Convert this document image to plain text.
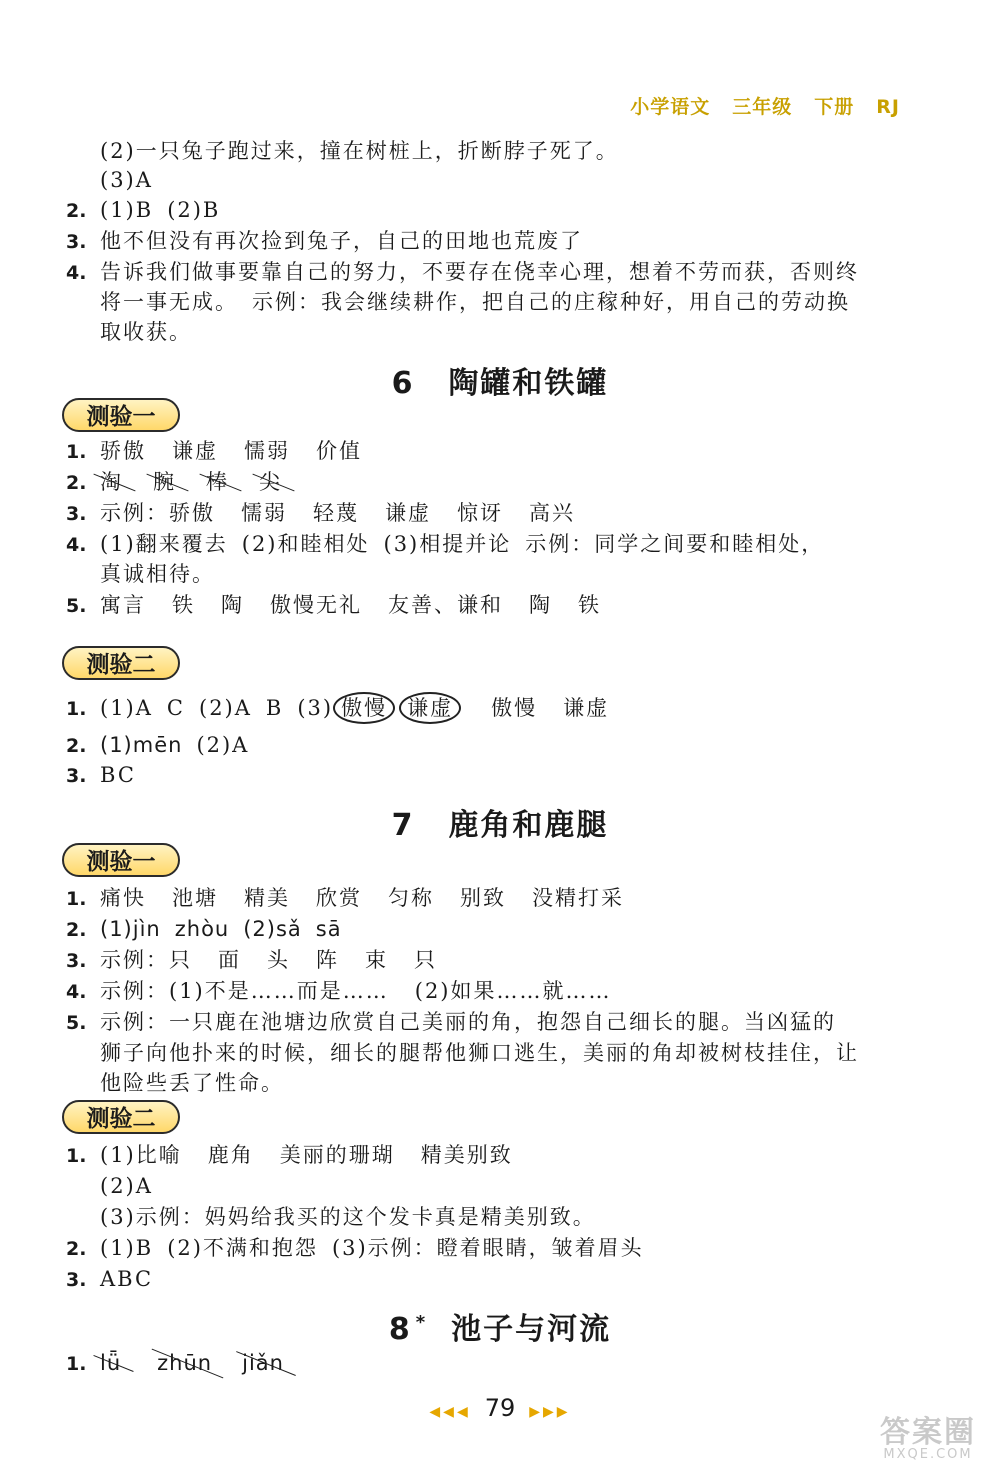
小学语文 三年级 下册 RJ
(2)一只兔子跑过来，撞在树桩上，折断脖子死了。
(3)A
2. (1)B (2)B
3. 他不但没有再次捡到兔子，自己的田地也荒废了
4. 告诉我们做事要靠自己的努力，不要存在侥幸心理，想着不劳而获，否则终
将一事无成。 示例：我会继续耕作，把自己的庄稼种好，用自己的劳动换
取收获。
6 陶罐和铁罐
测验一
1. 骄傲 谦虚 懦弱 价值
2. 淘 腕 棒 尖
3. 示例：骄傲 懦弱 轻蔑 谦虚 惊讶 高兴
4. (1)翻来覆去 (2)和睦相处 (3)相提并论 示例：同学之间要和睦相处，
真诚相待。
5. 寓言 铁 陶 傲慢无礼 友善、谦和 陶 铁
测验二
1. (1)A C (2)A B (3) 傲慢 谦虚 傲慢 谦虚
2. (1)mēn (2)A
3. BC
7 鹿角和鹿腿
测验一
1. 痛快 池塘 精美 欣赏 匀称 别致 没精打采
2. (1)jìn zhòu (2)sǎ sā
3. 示例：只 面 头 阵 束 只
4. 示例：(1)不是……而是…… (2)如果……就……
5. 示例：一只鹿在池塘边欣赏自己美丽的角，抱怨自己细长的腿。当凶猛的
狮子向他扑来的时候，细长的腿帮他狮口逃生，美丽的角却被树枝挂住，让
他险些丢了性命。
测验二
1. (1)比喻 鹿角 美丽的珊瑚 精美别致
(2)A
(3)示例：妈妈给我买的这个发卡真是精美别致。
2. (1)B (2)不满和抱怨 (3)示例：瞪着眼睛，皱着眉头
3. ABC
8 * 池子与河流
1. lǖ zhūn jiǎn
◀◀◀ 79 ▶▶▶
答案圈
MXQE.COM
